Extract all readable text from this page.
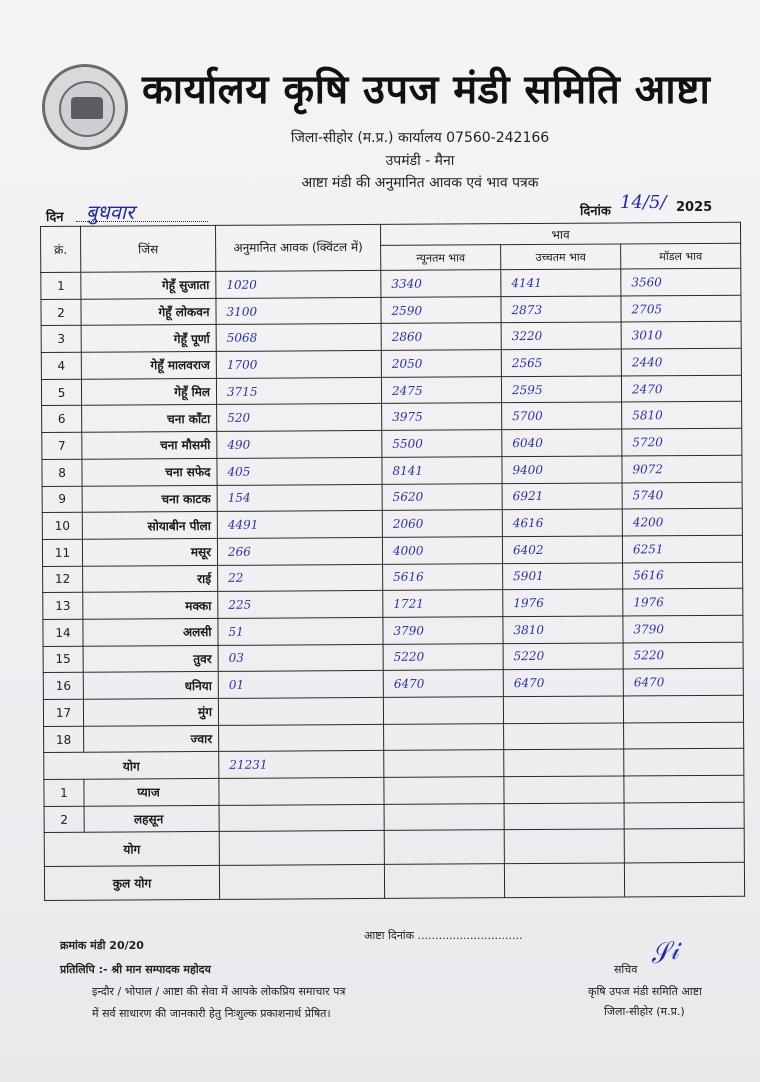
कार्यालय कृषि उपज मंडी समिति आष्टा
जिला-सीहोर (म.प्र.) कार्यालय 07560-242166
उपमंडी - मैना
आष्टा मंडी की अनुमानित आवक एवं भाव पत्रक
दिन बुधवार	दिनांक 14/5/ 2025
क्रं.	जिंस	अनुमानित आवक (क्विंटल में)	भाव		
			न्यूनतम भाव	उच्चतम भाव	मॉडल भाव
1	गेहूँ सुजाता	1020	3340	4141	3560
2	गेहूँ लोकवन	3100	2590	2873	2705
3	गेहूँ पूर्णा	5068	2860	3220	3010
4	गेहूँ मालवराज	1700	2050	2565	2440
5	गेहूँ मिल	3715	2475	2595	2470
6	चना काँटा	520	3975	5700	5810
7	चना मौसमी	490	5500	6040	5720
8	चना सफेद	405	8141	9400	9072
9	चना काटक	154	5620	6921	5740
10	सोयाबीन पीला	4491	2060	4616	4200
11	मसूर	266	4000	6402	6251
12	राई	22	5616	5901	5616
13	मक्का	225	1721	1976	1976
14	अलसी	51	3790	3810	3790
15	तुवर	03	5220	5220	5220
16	धनिया	01	6470	6470	6470
17	मुंग				
18	ज्वार				
योग		21231			
1	प्याज				
2	लहसून				
योग					
कुल योग					
क्रमांक मंडी 20/20
आष्टा दिनांक ..............................
प्रतिलिपि :- श्री मान सम्पादक महोदय
इन्दौर / भोपाल / आष्टा की सेवा में आपके लोकप्रिय समाचार पत्र
में सर्व साधारण की जानकारी हेतु निःशुल्क प्रकाशनार्थ प्रेषित।
सचिव
कृषि उपज मंडी समिति आष्टा
जिला-सीहोर (म.प्र.)
𝒮𝒾
